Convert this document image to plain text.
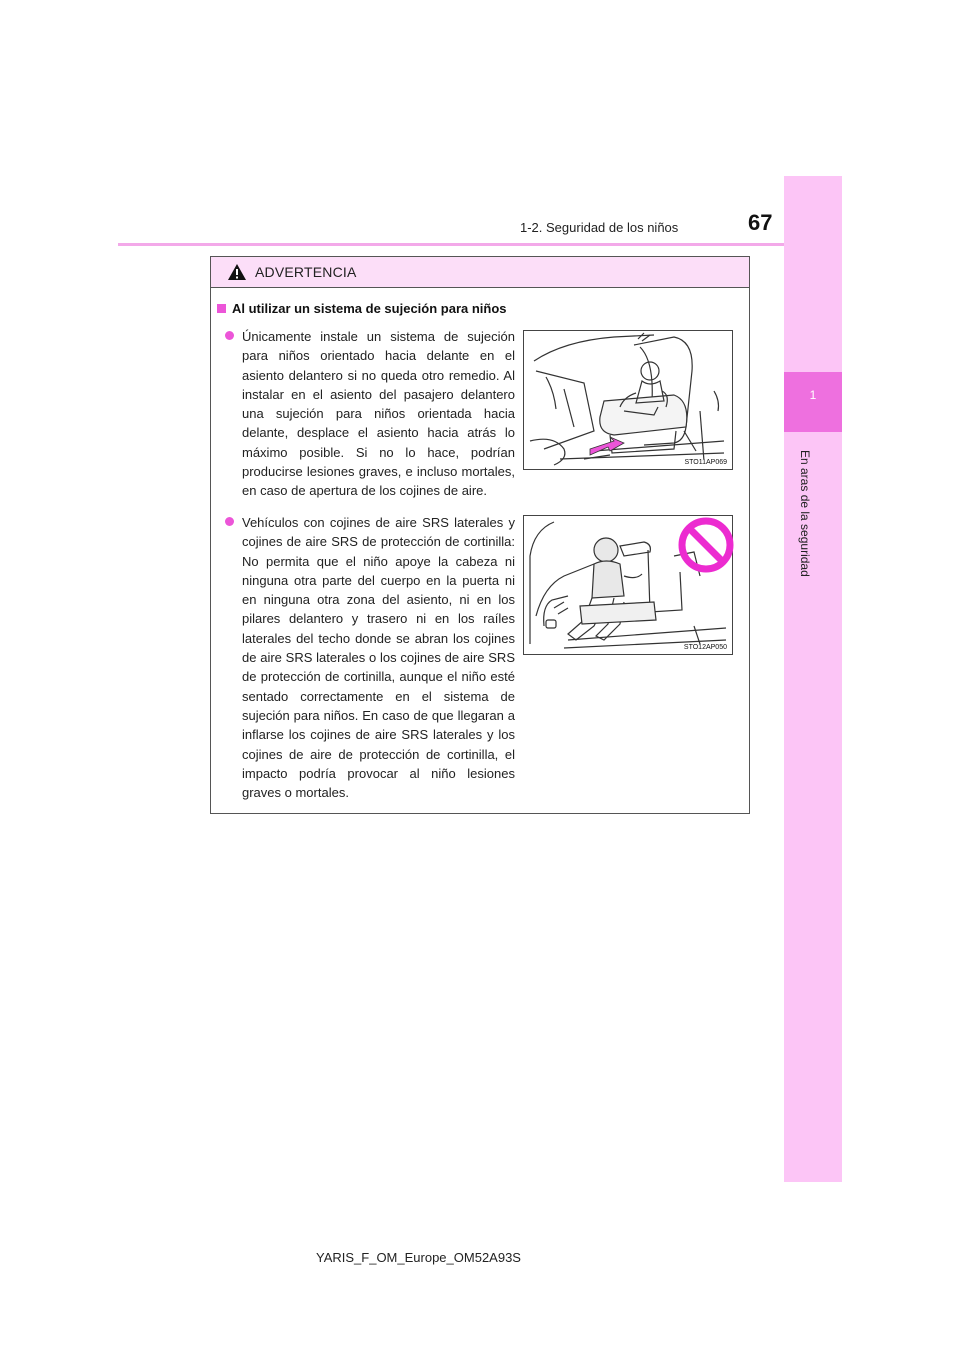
1-2. Seguridad de los niños	67
1
En aras de la seguridad
ADVERTENCIA
Al utilizar un sistema de sujeción para niños
Únicamente instale un sistema de sujeción para niños orientado hacia delante en el asiento delantero si no queda otro remedio. Al instalar en el asiento del pasajero delantero una sujeción para niños orientada hacia delante, desplace el asiento hacia atrás lo máximo posible. Si no lo hace, podrían producirse lesiones graves, e incluso mortales, en caso de apertura de los cojines de aire.
STO11AP069
Vehículos con cojines de aire SRS laterales y cojines de aire SRS de protección de cortinilla: No permita que el niño apoye la cabeza ni ninguna otra parte del cuerpo en la puerta ni en ninguna otra zona del asiento, ni en los pilares delantero y trasero ni en los raíles laterales del techo donde se abran los cojines de aire SRS laterales o los cojines de aire SRS de protección de cortinilla, aunque el niño esté sentado correctamente en el sistema de sujeción para niños. En caso de que llegaran a inflarse los cojines de aire SRS laterales y los cojines de aire de protección de cortinilla, el impacto podría provocar al niño lesiones graves o mortales.
STO12AP050
YARIS_F_OM_Europe_OM52A93S
